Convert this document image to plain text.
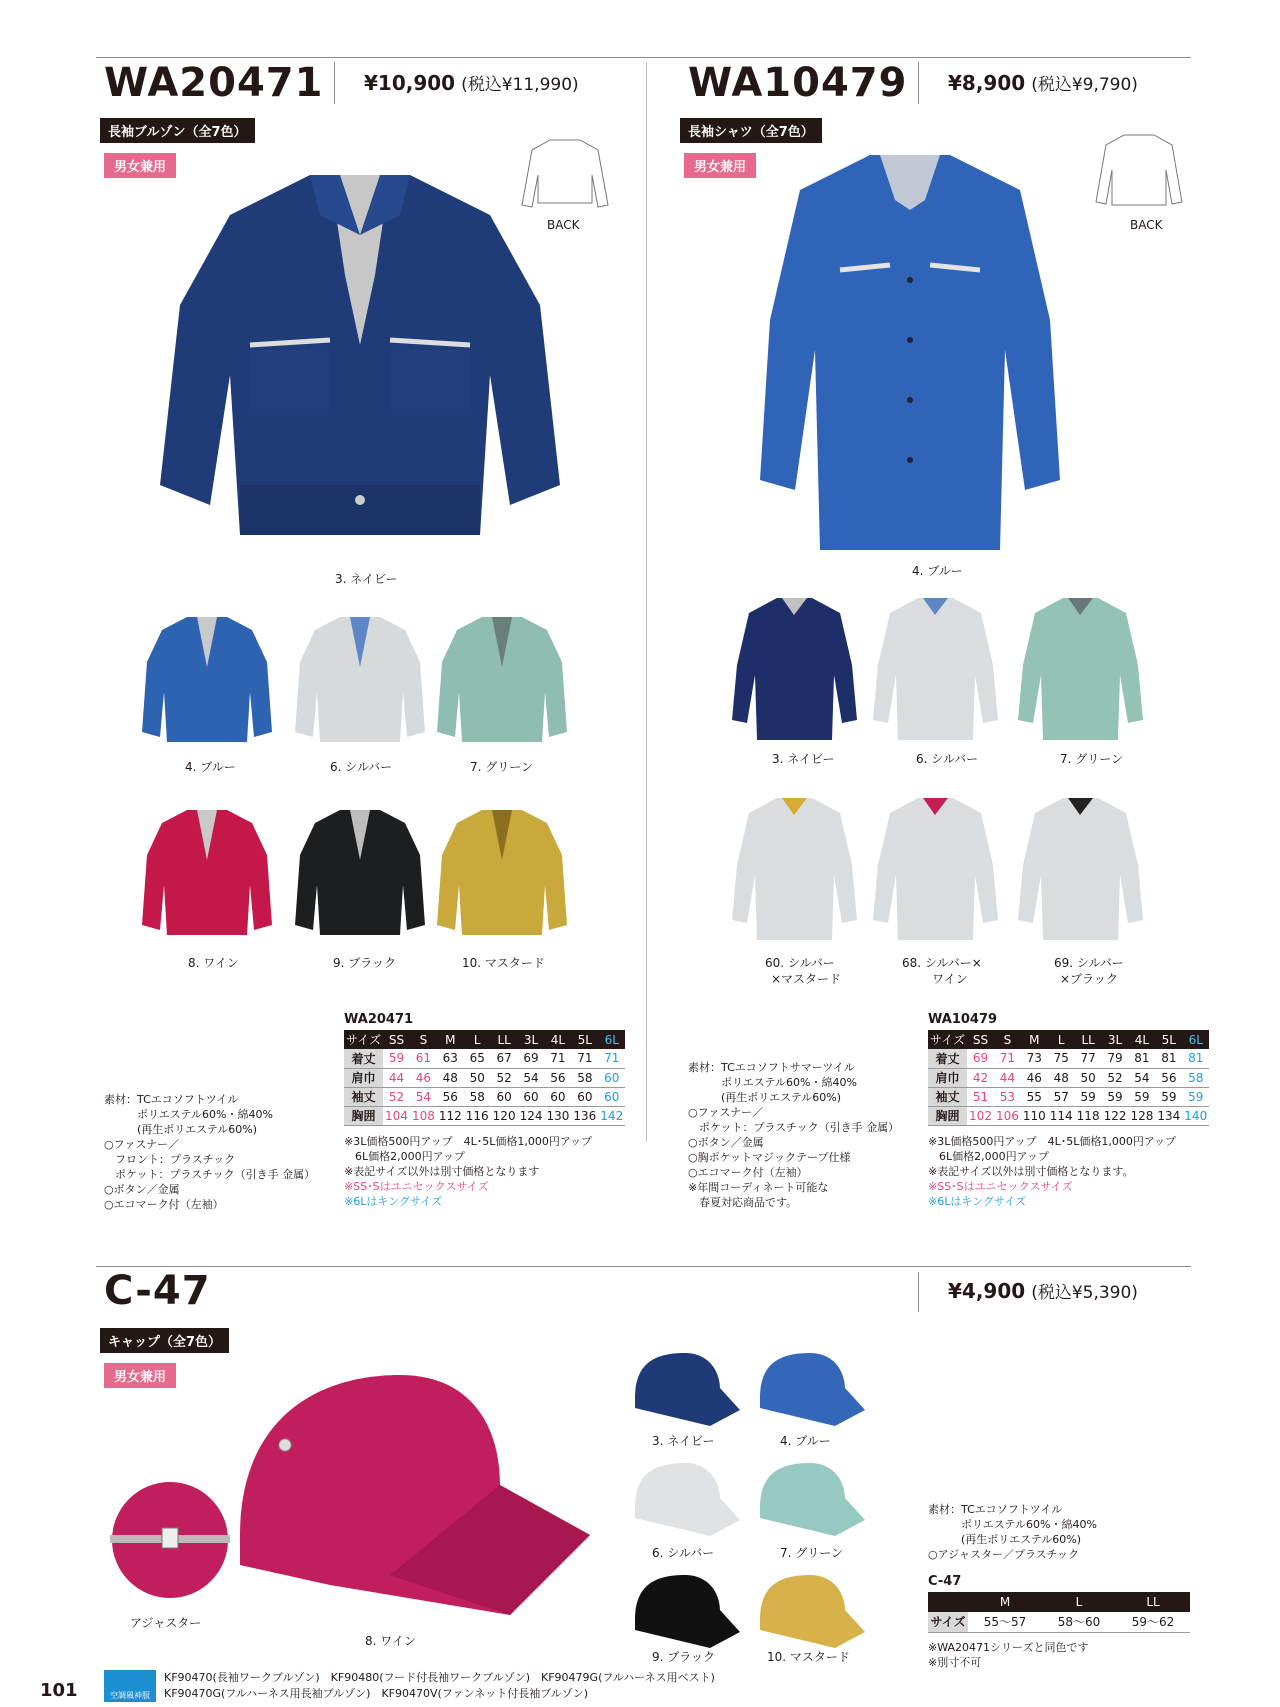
WA20471 ¥10,900 (税込¥11,990)
長袖ブルゾン（全7色）
男女兼用
BACK
3. ネイビー
4. ブルー	6. シルバー	7. グリーン
8. ワイン	9. ブラック	10. マスタード
素材：TCエコソフトツイル
　　　ポリエステル60%・綿40%
　　　(再生ポリエステル60%)
○ファスナー／
　フロント：プラスチック
　ポケット：プラスチック（引き手 金属）
○ボタン／金属
○エコマーク付（左袖）
WA20471
サイズ	SS	S	M	L	LL	3L	4L	5L	6L
着丈	59	61	63	65	67	69	71	71	71
肩巾	44	46	48	50	52	54	56	58	60
袖丈	52	54	56	58	60	60	60	60	60
胸囲	104	108	112	116	120	124	130	136	142
※3L価格500円アップ　4L･5L価格1,000円アップ
　6L価格2,000円アップ
※表記サイズ以外は別寸価格となります
※SS･Sはユニセックスサイズ
※6Lはキングサイズ
WA10479 ¥8,900 (税込¥9,790)
長袖シャツ（全7色）
男女兼用
BACK
4. ブルー
3. ネイビー	6. シルバー	7. グリーン
60. シルバー
×マスタード
68. シルバー×
ワイン
69. シルバー
×ブラック
素材：TCエコソフトサマーツイル
　　　ポリエステル60%・綿40%
　　　(再生ポリエステル60%)
○ファスナー／
　ポケット：プラスチック（引き手 金属）
○ボタン／金属
○胸ポケットマジックテープ仕様
○エコマーク付（左袖）
※年間コーディネート可能な
　春夏対応商品です。
WA10479
サイズ	SS	S	M	L	LL	3L	4L	5L	6L
着丈	69	71	73	75	77	79	81	81	81
肩巾	42	44	46	48	50	52	54	56	58
袖丈	51	53	55	57	59	59	59	59	59
胸囲	102	106	110	114	118	122	128	134	140
※3L価格500円アップ　4L･5L価格1,000円アップ
　6L価格2,000円アップ
※表記サイズ以外は別寸価格となります。
※SS･Sはユニセックスサイズ
※6Lはキングサイズ
C-47	¥4,900 (税込¥5,390)
キャップ（全7色）
男女兼用
アジャスター
8. ワイン
3. ネイビー	4. ブルー
6. シルバー	7. グリーン
9. ブラック	10. マスタード
素材：TCエコソフトツイル
　　　ポリエステル60%・綿40%
　　　(再生ポリエステル60%)
○アジャスター／プラスチック
C-47
	M	L	LL
サイズ	55〜57	58〜60	59〜62
※WA20471シリーズと同色です
※別寸不可
101	空調風神服
KF90470(長袖ワークブルゾン)　KF90480(フード付長袖ワークブルゾン)　KF90479G(フルハーネス用ベスト)
KF90470G(フルハーネス用長袖ブルゾン)　KF90470V(ファンネット付長袖ブルゾン)
